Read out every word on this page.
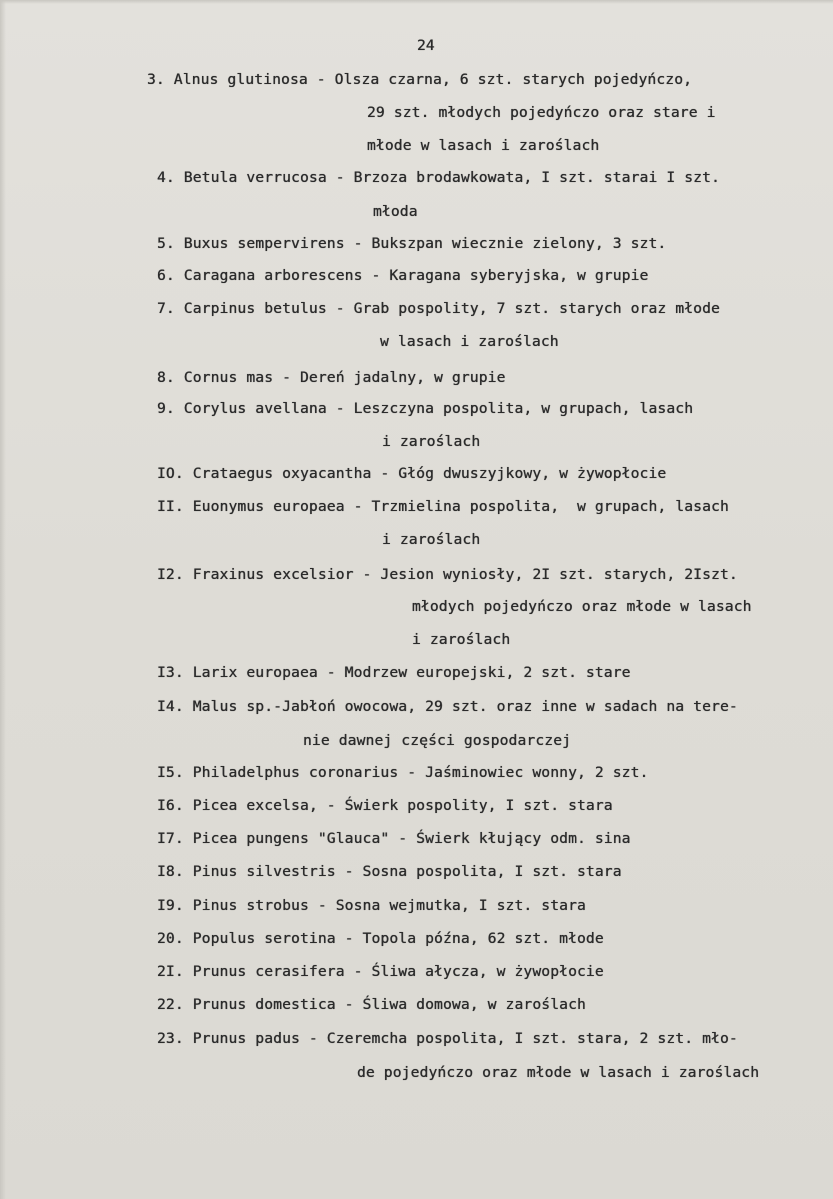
24
3. Alnus glutinosa - Olsza czarna, 6 szt. starych pojedyńczo,
29 szt. młodych pojedyńczo oraz stare i
młode w lasach i zaroślach
4. Betula verrucosa - Brzoza brodawkowata, I szt. starai I szt.
młoda
5. Buxus sempervirens - Bukszpan wiecznie zielony, 3 szt.
6. Caragana arborescens - Karagana syberyjska, w grupie
7. Carpinus betulus - Grab pospolity, 7 szt. starych oraz młode
w lasach i zaroślach
8. Cornus mas - Dereń jadalny, w grupie
9. Corylus avellana - Leszczyna pospolita, w grupach, lasach
i zaroślach
IO. Crataegus oxyacantha - Głóg dwuszyjkowy, w żywopłocie
II. Euonymus europaea - Trzmielina pospolita,  w grupach, lasach
i zaroślach
I2. Fraxinus excelsior - Jesion wyniosły, 2I szt. starych, 2Iszt.
młodych pojedyńczo oraz młode w lasach
i zaroślach
I3. Larix europaea - Modrzew europejski, 2 szt. stare
I4. Malus sp.-Jabłoń owocowa, 29 szt. oraz inne w sadach na tere-
nie dawnej części gospodarczej
I5. Philadelphus coronarius - Jaśminowiec wonny, 2 szt.
I6. Picea excelsa, - Świerk pospolity, I szt. stara
I7. Picea pungens "Glauca" - Świerk kłujący odm. sina
I8. Pinus silvestris - Sosna pospolita, I szt. stara
I9. Pinus strobus - Sosna wejmutka, I szt. stara
20. Populus serotina - Topola późna, 62 szt. młode
2I. Prunus cerasifera - Śliwa ałycza, w żywopłocie
22. Prunus domestica - Śliwa domowa, w zaroślach
23. Prunus padus - Czeremcha pospolita, I szt. stara, 2 szt. mło-
de pojedyńczo oraz młode w lasach i zaroślach
